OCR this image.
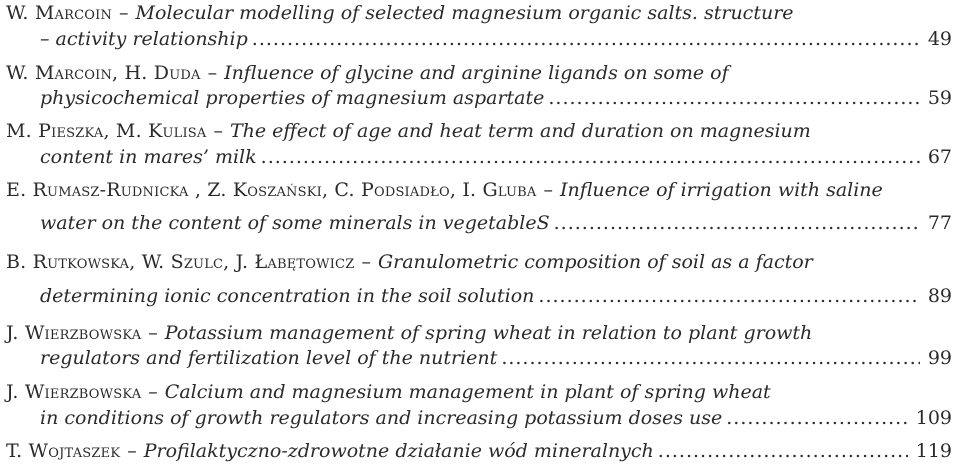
W. Marcoin – Molecular modelling of selected magnesium organic salts. structure
– activity relationship .....	49
W. Marcoin, H. Duda – Influence of glycine and arginine ligands on some of
physicochemical properties of magnesium aspartate .....	59
M. Pieszka, M. Kulisa – The effect of age and heat term and duration on magnesium
content in mares’ milk .....	67
E. Rumasz-Rudnicka , Z. Koszański, C. Podsiadło, I. Gluba – Influence of irrigation with saline
water on the content of some minerals in vegetableS .....	77
B. Rutkowska, W. Szulc, J. Łabętowicz – Granulometric composition of soil as a factor
determining ionic concentration in the soil solution .....	89
J. Wierzbowska – Potassium management of spring wheat in relation to plant growth
regulators and fertilization level of the nutrient .....	99
J. Wierzbowska – Calcium and magnesium management in plant of spring wheat
in conditions of growth regulators and increasing potassium doses use .....	109
T. Wojtaszek – Profilaktyczno-zdrowotne działanie wód mineralnych .....	119
